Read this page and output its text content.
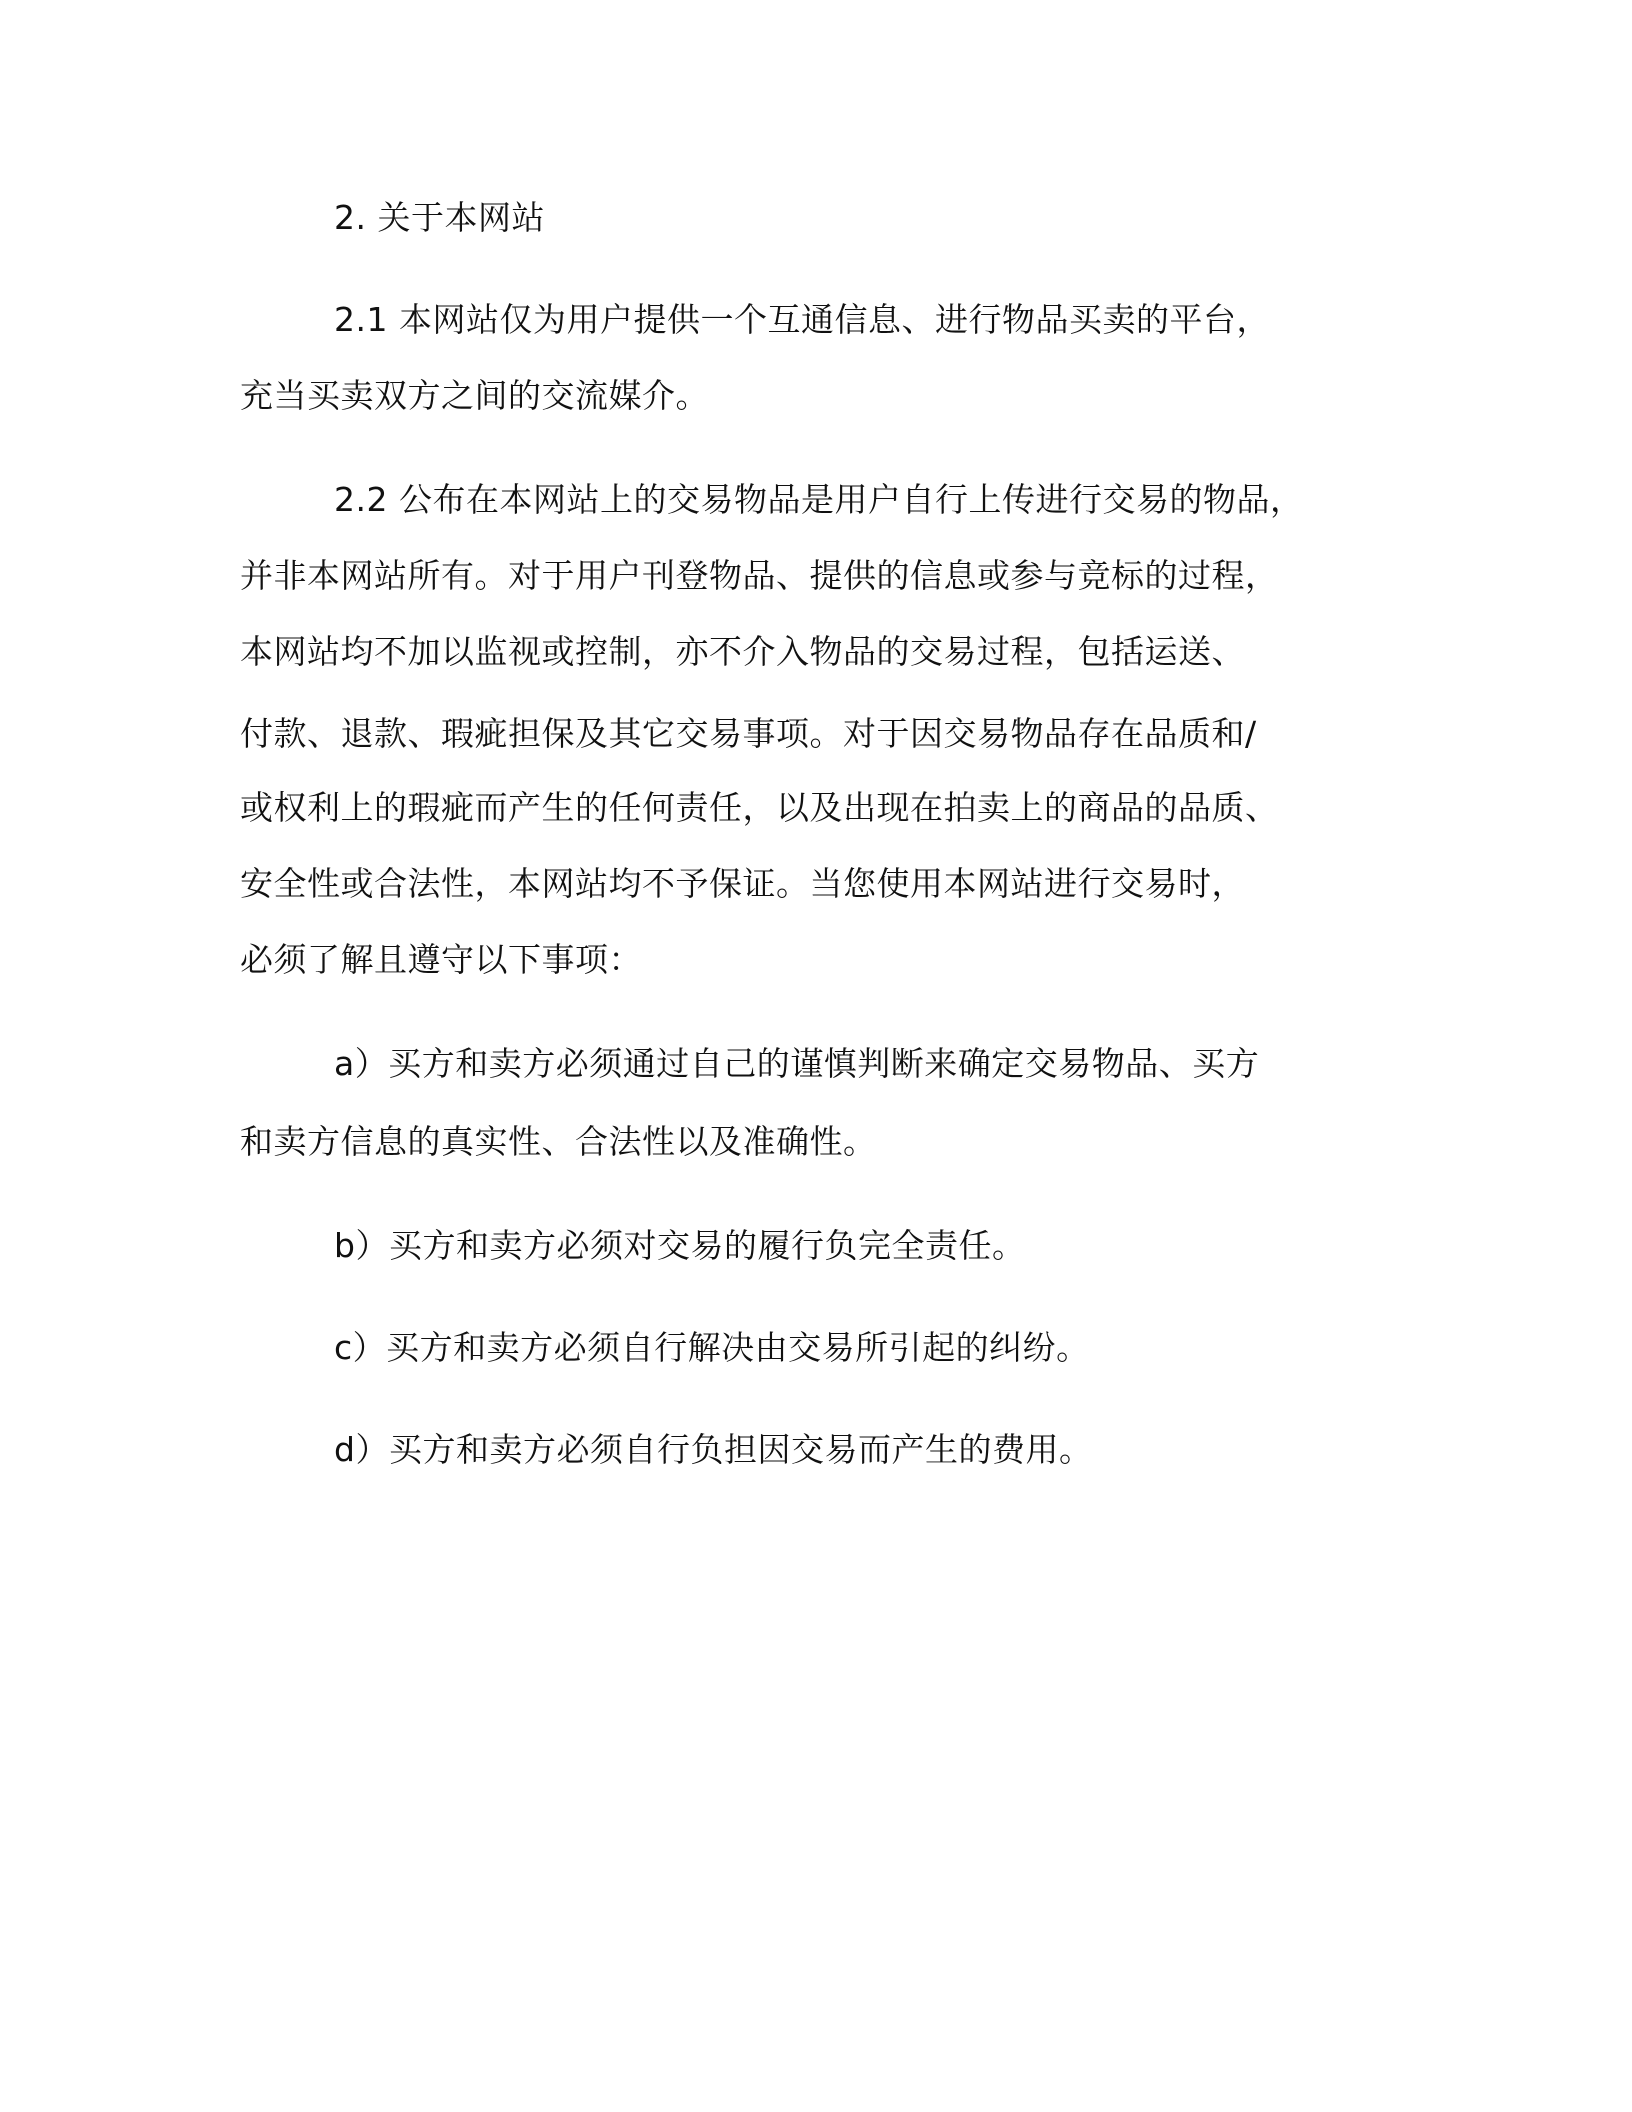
2. 关于本网站
2.1 本网站仅为用户提供一个互通信息、进行物品买卖的平台，
充当买卖双方之间的交流媒介。
2.2 公布在本网站上的交易物品是用户自行上传进行交易的物品，
并非本网站所有。对于用户刊登物品、提供的信息或参与竞标的过程，
本网站均不加以监视或控制，亦不介入物品的交易过程，包括运送、
付款、退款、瑕疵担保及其它交易事项。对于因交易物品存在品质和/
或权利上的瑕疵而产生的任何责任，以及出现在拍卖上的商品的品质、
安全性或合法性，本网站均不予保证。当您使用本网站进行交易时，
必须了解且遵守以下事项：
a）买方和卖方必须通过自己的谨慎判断来确定交易物品、买方
和卖方信息的真实性、合法性以及准确性。
b）买方和卖方必须对交易的履行负完全责任。
c）买方和卖方必须自行解决由交易所引起的纠纷。
d）买方和卖方必须自行负担因交易而产生的费用。
